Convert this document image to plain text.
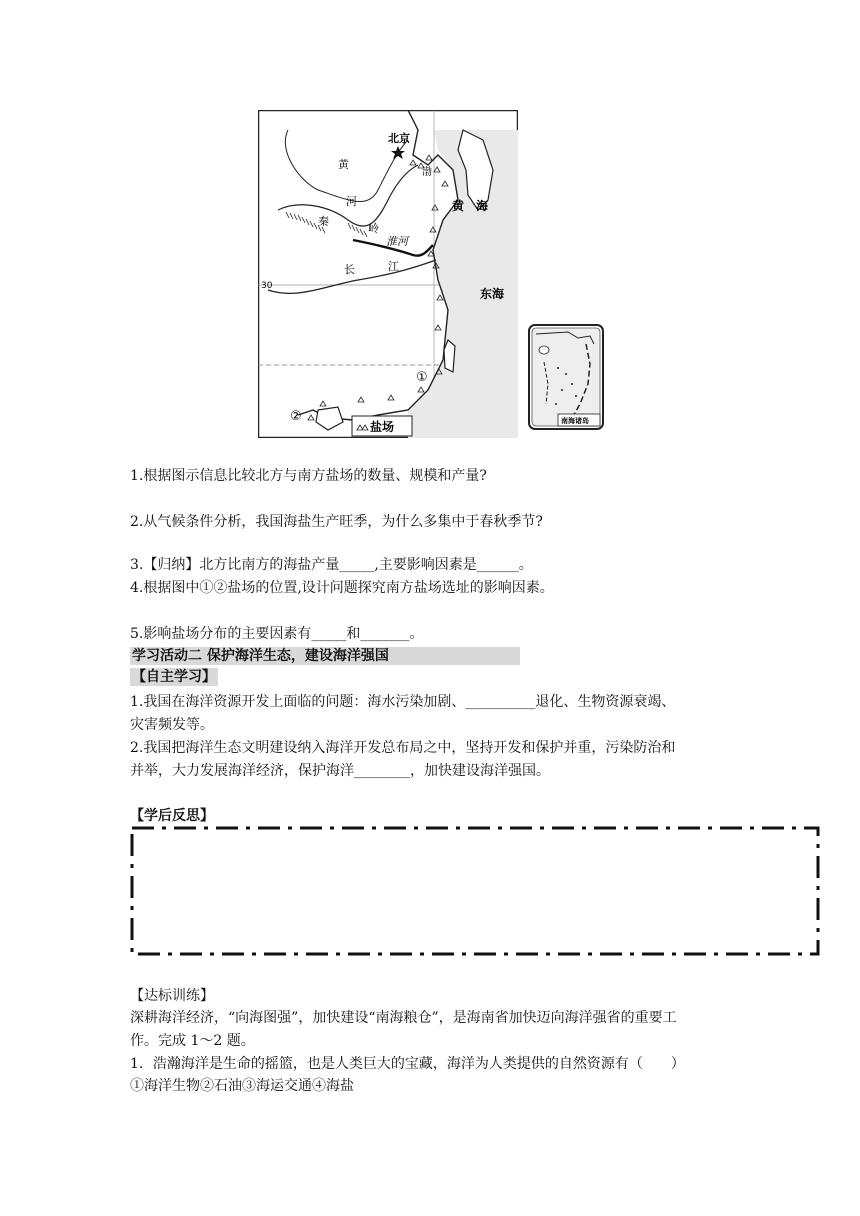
北京
黄
渤
河
秦
岭
淮河
长	江
黄　海
东海
30
①
②
盐场	南海诸岛
1.根据图示信息比较北方与南方盐场的数量、规模和产量?
2.从气候条件分析，我国海盐生产旺季，为什么多集中于春秋季节?
3.【归纳】北方比南方的海盐产量_____,主要影响因素是______。
4.根据图中①②盐场的位置,设计问题探究南方盐场选址的影响因素。
5.影响盐场分布的主要因素有_____和_______。
学习活动二 保护海洋生态，建设海洋强国
【自主学习】
1.我国在海洋资源开发上面临的问题：海水污染加剧、__________退化、生物资源衰竭、
灾害频发等。
2.我国把海洋生态文明建设纳入海洋开发总布局之中，坚持开发和保护并重，污染防治和
并举，大力发展海洋经济，保护海洋________，加快建设海洋强国。
【学后反思】
【达标训练】
深耕海洋经济，“向海图强”，加快建设“南海粮仓”，是海南省加快迈向海洋强省的重要工
作。完成 1～2 题。
1．浩瀚海洋是生命的摇篮，也是人类巨大的宝藏，海洋为人类提供的自然资源有（　　）
①海洋生物②石油③海运交通④海盐
